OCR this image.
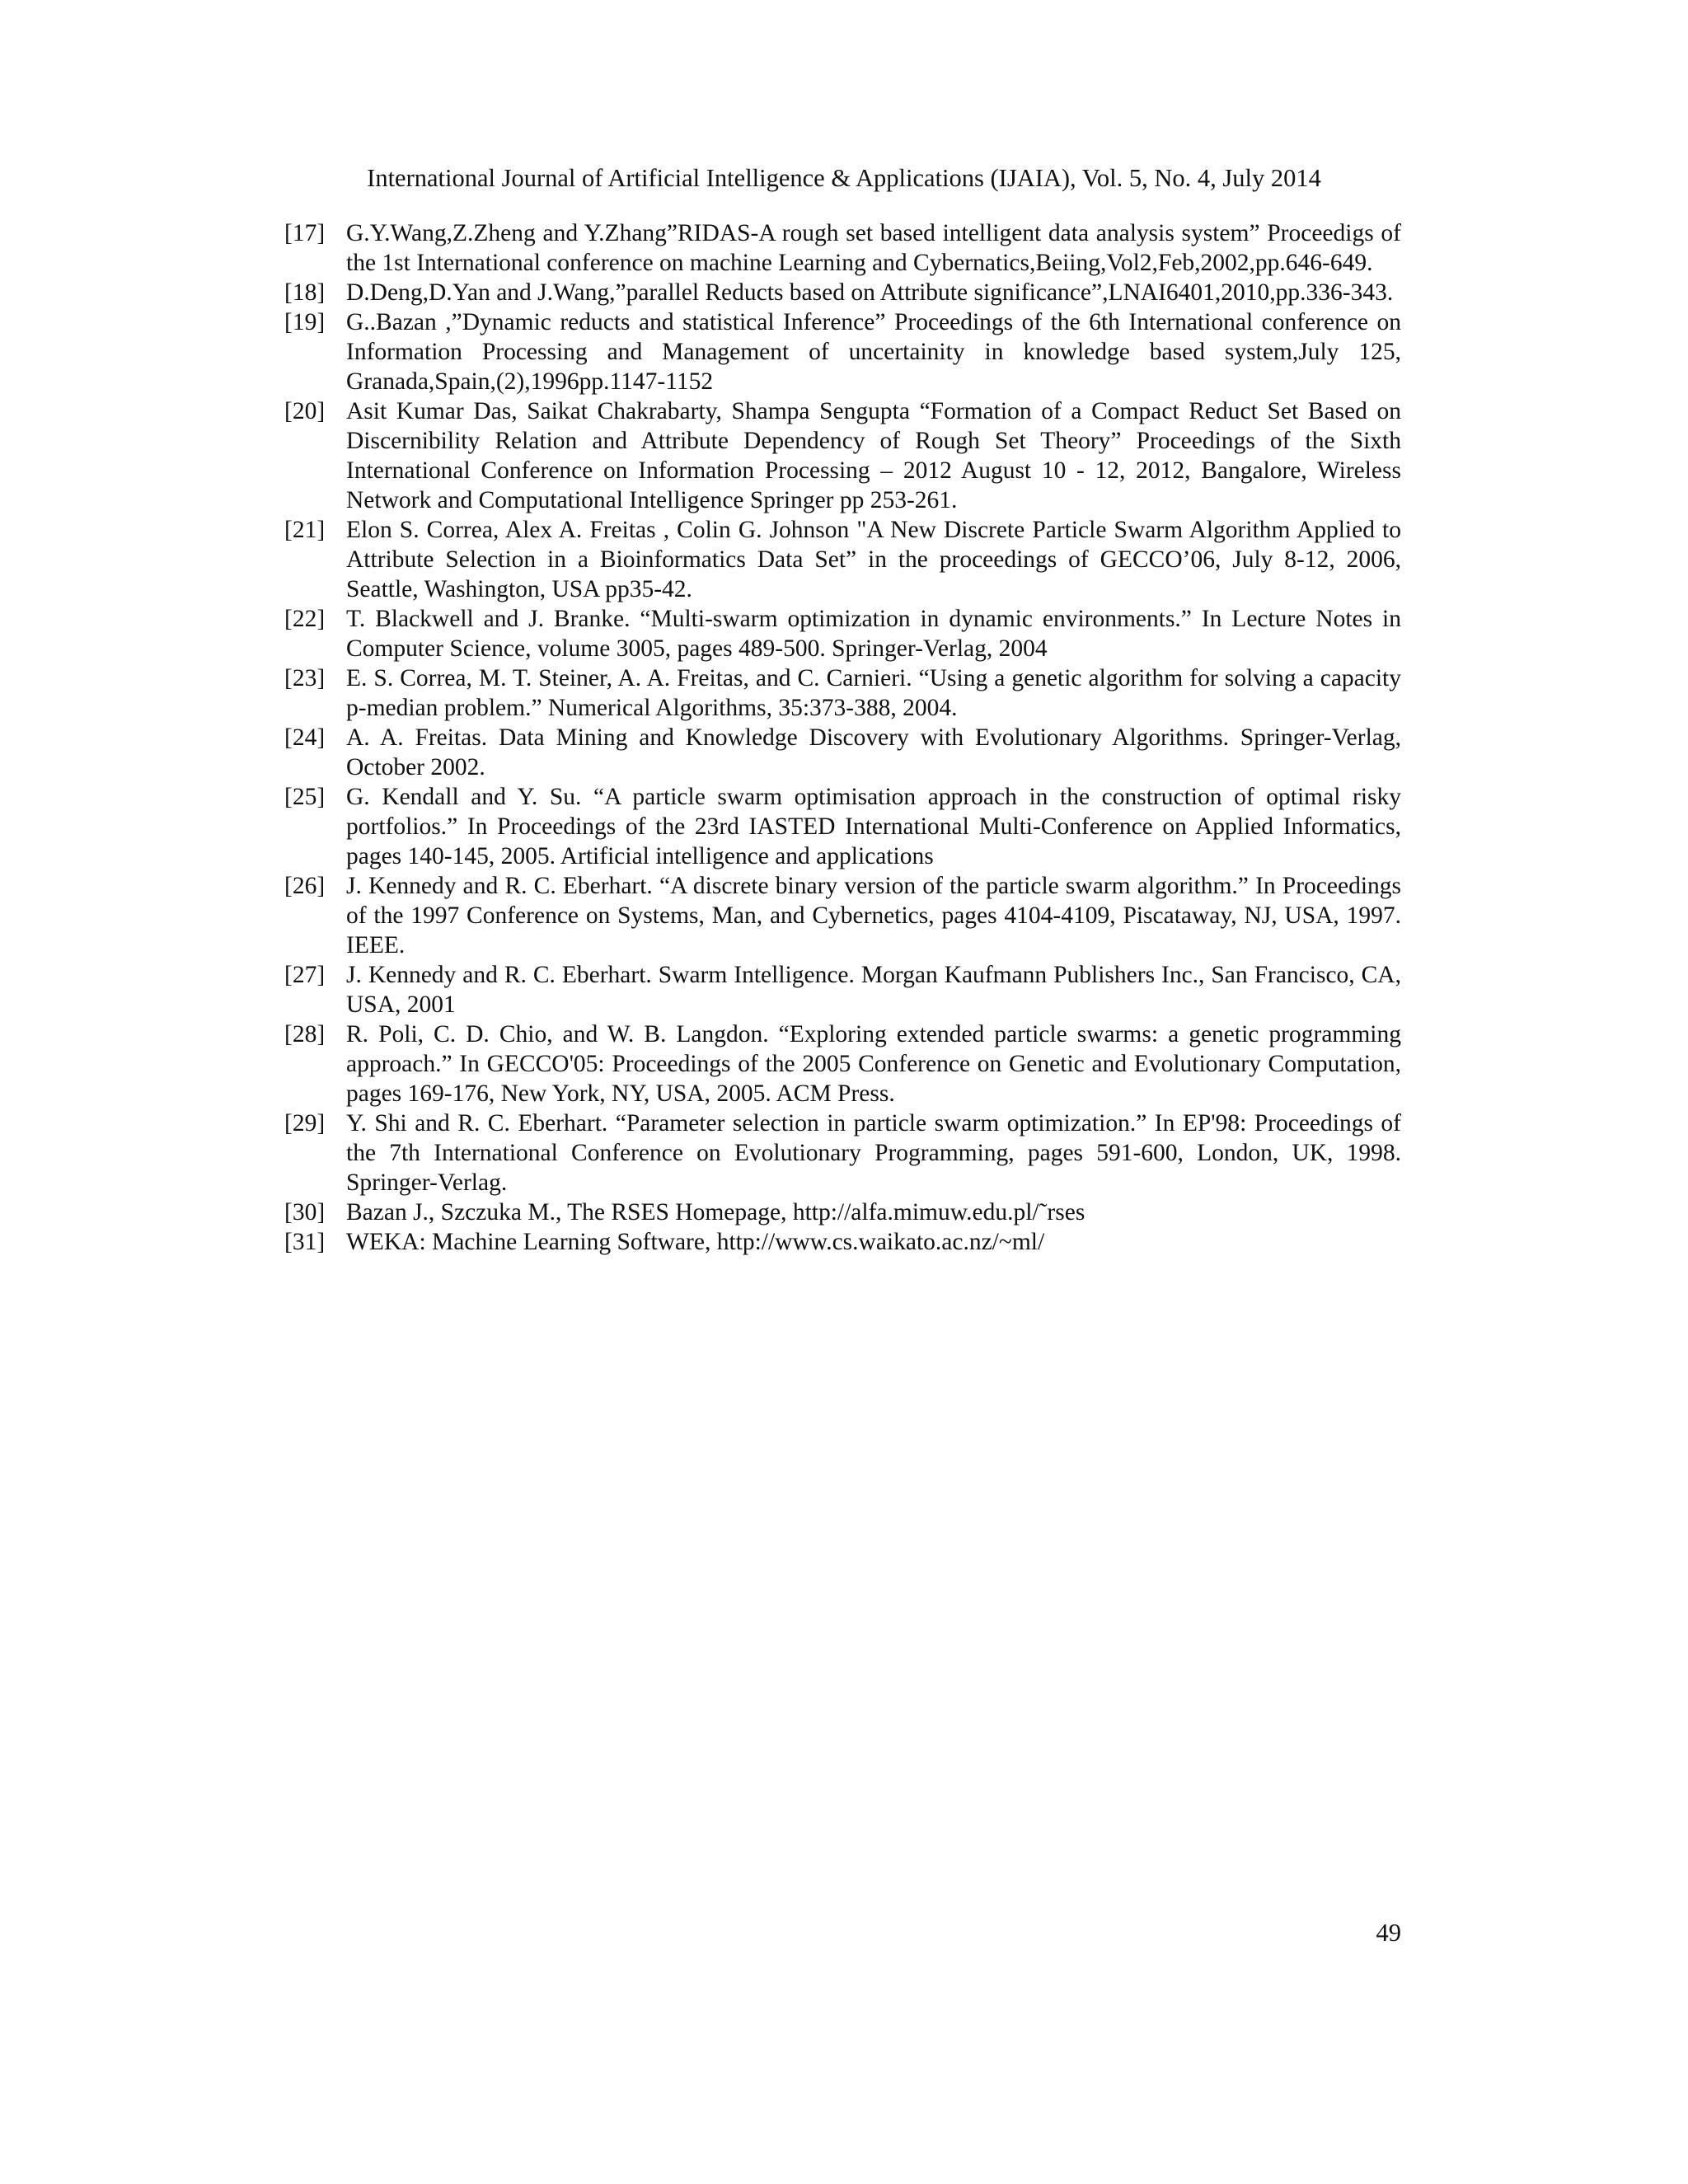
International Journal of Artificial Intelligence & Applications (IJAIA), Vol. 5, No. 4, July 2014
[17] G.Y.Wang,Z.Zheng and Y.Zhang”RIDAS-A rough set based intelligent data analysis system” Proceedigs of the 1st International conference on machine Learning and Cybernatics,Beiing,Vol2,Feb,2002,pp.646-649.
[18] D.Deng,D.Yan and J.Wang,”parallel Reducts based on Attribute significance”,LNAI6401,2010,pp.336-343.
[19] G..Bazan ,”Dynamic reducts and statistical Inference” Proceedings of the 6th International conference on Information Processing and Management of uncertainity in knowledge based system,July 125, Granada,Spain,(2),1996pp.1147-1152
[20] Asit Kumar Das, Saikat Chakrabarty, Shampa Sengupta “Formation of a Compact Reduct Set Based on Discernibility Relation and Attribute Dependency of Rough Set Theory” Proceedings of the Sixth International Conference on Information Processing – 2012 August 10 - 12, 2012, Bangalore, Wireless Network and Computational Intelligence Springer pp 253-261.
[21] Elon S. Correa, Alex A. Freitas , Colin G. Johnson "A New Discrete Particle Swarm Algorithm Applied to Attribute Selection in a Bioinformatics Data Set” in the proceedings of GECCO’06, July 8-12, 2006, Seattle, Washington, USA pp35-42.
[22] T. Blackwell and J. Branke. “Multi-swarm optimization in dynamic environments.” In Lecture Notes in Computer Science, volume 3005, pages 489-500. Springer-Verlag, 2004
[23] E. S. Correa, M. T. Steiner, A. A. Freitas, and C. Carnieri. “Using a genetic algorithm for solving a capacity p-median problem.” Numerical Algorithms, 35:373-388, 2004.
[24] A. A. Freitas. Data Mining and Knowledge Discovery with Evolutionary Algorithms. Springer-Verlag, October 2002.
[25] G. Kendall and Y. Su. “A particle swarm optimisation approach in the construction of optimal risky portfolios.” In Proceedings of the 23rd IASTED International Multi-Conference on Applied Informatics, pages 140-145, 2005. Artificial intelligence and applications
[26] J. Kennedy and R. C. Eberhart. “A discrete binary version of the particle swarm algorithm.” In Proceedings of the 1997 Conference on Systems, Man, and Cybernetics, pages 4104-4109, Piscataway, NJ, USA, 1997. IEEE.
[27] J. Kennedy and R. C. Eberhart. Swarm Intelligence. Morgan Kaufmann Publishers Inc., San Francisco, CA, USA, 2001
[28] R. Poli, C. D. Chio, and W. B. Langdon. “Exploring extended particle swarms: a genetic programming approach.” In GECCO'05: Proceedings of the 2005 Conference on Genetic and Evolutionary Computation, pages 169-176, New York, NY, USA, 2005. ACM Press.
[29] Y. Shi and R. C. Eberhart. “Parameter selection in particle swarm optimization.” In EP'98: Proceedings of the 7th International Conference on Evolutionary Programming, pages 591-600, London, UK, 1998. Springer-Verlag.
[30] Bazan J., Szczuka M., The RSES Homepage, http://alfa.mimuw.edu.pl/˜rses
[31] WEKA: Machine Learning Software, http://www.cs.waikato.ac.nz/~ml/
49
